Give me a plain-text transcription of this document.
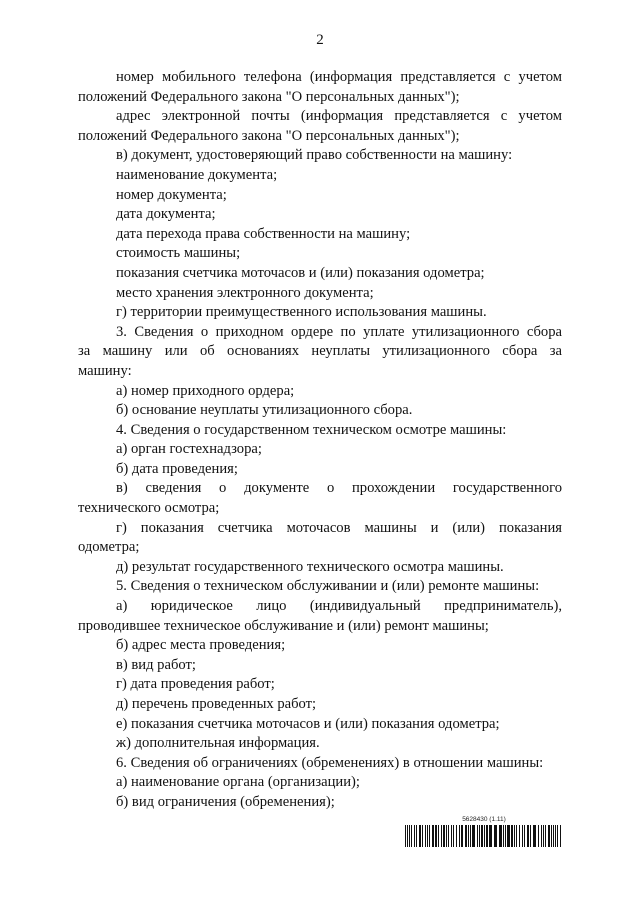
2
номер мобильного телефона (информация представляется с учетом
положений Федерального закона "О персональных данных");
адрес электронной почты (информация представляется с учетом
положений Федерального закона "О персональных данных");
в) документ, удостоверяющий право собственности на машину:
наименование документа;
номер документа;
дата документа;
дата перехода права собственности на машину;
стоимость машины;
показания счетчика моточасов и (или) показания одометра;
место хранения электронного документа;
г) территории преимущественного использования машины.
3. Сведения о приходном ордере по уплате утилизационного сбора
за машину или об основаниях неуплаты утилизационного сбора за
машину:
а) номер приходного ордера;
б) основание неуплаты утилизационного сбора.
4. Сведения о государственном техническом осмотре машины:
а) орган гостехнадзора;
б) дата проведения;
в) сведения о документе о прохождении государственного
технического осмотра;
г) показания счетчика моточасов машины и (или) показания
одометра;
д) результат государственного технического осмотра машины.
5. Сведения о техническом обслуживании и (или) ремонте машины:
а) юридическое лицо (индивидуальный предприниматель),
проводившее техническое обслуживание и (или) ремонт машины;
б) адрес места проведения;
в) вид работ;
г) дата проведения работ;
д) перечень проведенных работ;
е) показания счетчика моточасов и (или) показания одометра;
ж) дополнительная информация.
6. Сведения об ограничениях (обременениях) в отношении машины:
а) наименование органа (организации);
б) вид ограничения (обременения);
5628430 (1.11)
